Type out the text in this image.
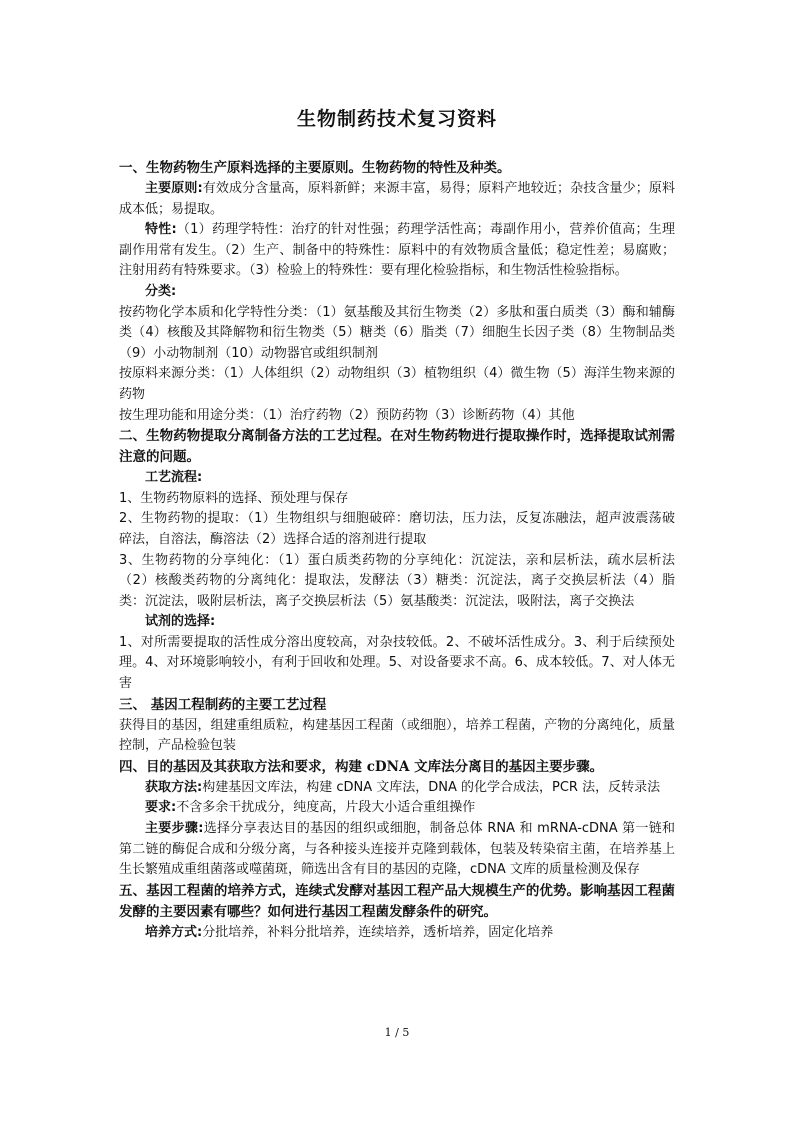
生物制药技术复习资料

一、生物药物生产原料选择的主要原则。生物药物的特性及种类。

主要原则:有效成分含量高，原料新鲜；来源丰富，易得；原料产地较近；杂技含量少；原料成本低；易提取。

特性:（1）药理学特性：治疗的针对性强；药理学活性高；毒副作用小，营养价值高；生理副作用常有发生。（2）生产、制备中的特殊性：原料中的有效物质含量低；稳定性差；易腐败；注射用药有特殊要求。（3）检验上的特殊性：要有理化检验指标，和生物活性检验指标。

分类:

按药物化学本质和化学特性分类：（1）氨基酸及其衍生物类（2）多肽和蛋白质类（3）酶和辅酶类（4）核酸及其降解物和衍生物类（5）糖类（6）脂类（7）细胞生长因子类（8）生物制品类（9）小动物制剂（10）动物器官或组织制剂

按原料来源分类：（1）人体组织（2）动物组织（3）植物组织（4）微生物（5）海洋生物来源的药物

按生理功能和用途分类：（1）治疗药物（2）预防药物（3）诊断药物（4）其他

二、生物药物提取分离制备方法的工艺过程。在对生物药物进行提取操作时，选择提取试剂需注意的问题。

工艺流程:

1、生物药物原料的选择、预处理与保存

2、生物药物的提取：（1）生物组织与细胞破碎：磨切法，压力法，反复冻融法，超声波震荡破碎法，自溶法，酶溶法（2）选择合适的溶剂进行提取

3、生物药物的分享纯化：（1）蛋白质类药物的分享纯化：沉淀法，亲和层析法，疏水层析法（2）核酸类药物的分离纯化：提取法，发酵法（3）糖类：沉淀法，离子交换层析法（4）脂类：沉淀法，吸附层析法，离子交换层析法（5）氨基酸类：沉淀法，吸附法，离子交换法

试剂的选择:

1、对所需要提取的活性成分溶出度较高，对杂技较低。2、不破坏活性成分。3、利于后续预处理。4、对环境影响较小，有利于回收和处理。5、对设备要求不高。6、成本较低。7、对人体无害

三、 基因工程制药的主要工艺过程

获得目的基因，组建重组质粒，构建基因工程菌（或细胞），培养工程菌，产物的分离纯化，质量控制，产品检验包装

四、目的基因及其获取方法和要求，构建 cDNA 文库法分离目的基因主要步骤。

获取方法:构建基因文库法，构建 cDNA 文库法，DNA 的化学合成法，PCR 法，反转录法

要求:不含多余干扰成分，纯度高，片段大小适合重组操作

主要步骤:选择分享表达目的基因的组织或细胞，制备总体 RNA 和 mRNA-cDNA 第一链和第二链的酶促合成和分级分离，与各种接头连接并克隆到载体，包装及转染宿主菌，在培养基上生长繁殖成重组菌落或噬菌斑，筛选出含有目的基因的克隆，cDNA 文库的质量检测及保存

五、基因工程菌的培养方式，连续式发酵对基因工程产品大规模生产的优势。影响基因工程菌发酵的主要因素有哪些？如何进行基因工程菌发酵条件的研究。

培养方式:分批培养，补料分批培养，连续培养，透析培养，固定化培养

1 / 5
